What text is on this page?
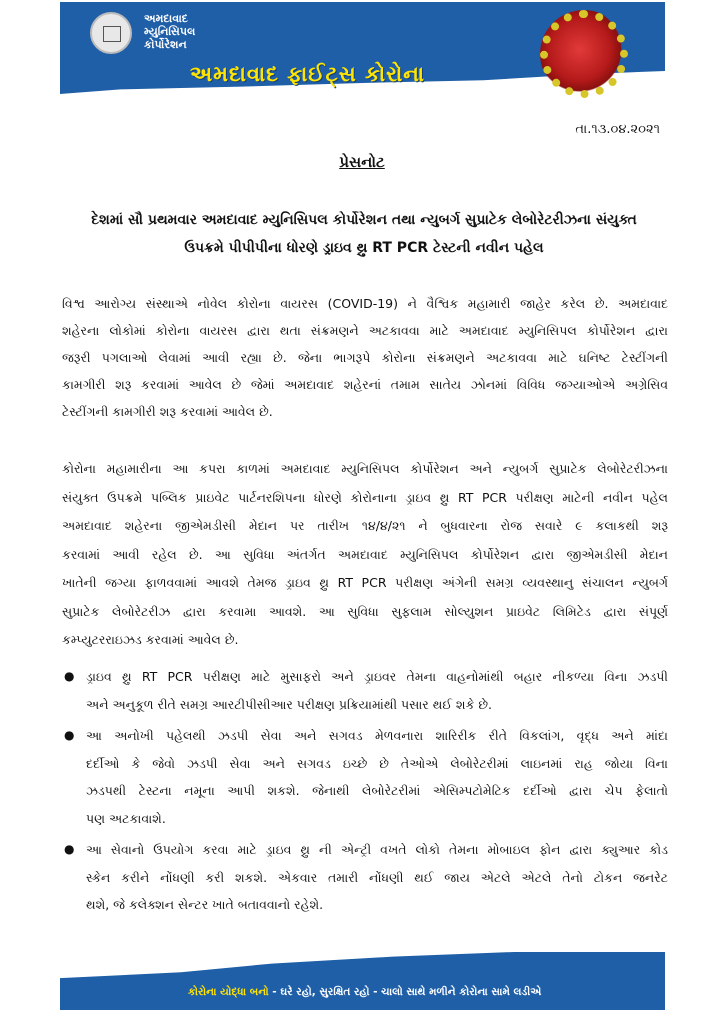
અમદાવાદ
મ્યુનિસિપલ
કોર્પોરેશન
અમદાવાદ ફાઈટ્સ કોરોના
તા.૧૩.૦૪.૨૦૨૧
પ્રેસનોટ
દેશમાં સૌ પ્રથમવાર અમદાવાદ મ્યુનિસિપલ કોર્પોરેશન તથા ન્યુબર્ગ સુપ્રાટેક લેબોરેટરીઝના સંયુક્ત
ઉપક્રમે પીપીપીના ધોરણે ડ્રાઇવ થ્રુ RT PCR ટેસ્ટની નવીન પહેલ
વિશ્વ આરોગ્ય સંસ્થાએ નોવેલ કોરોના વાયરસ (COVID-19) ને વૈશ્વિક મહામારી જાહેર કરેલ છે. અમદાવાદ
શહેરના લોકોમાં કોરોના વાયરસ દ્વારા થતા સંક્રમણને અટકાવવા માટે અમદાવાદ મ્યુનિસિપલ કોર્પોરેશન દ્વારા
જરૂરી પગલાઓ લેવામાં આવી રહ્યા છે. જેના ભાગરૂપે કોરોના સંક્રમણને અટકાવવા માટે ઘનિષ્ટ ટેસ્ટીંગની
કામગીરી શરૂ કરવામાં આવેલ છે જેમાં અમદાવાદ શહેરનાં તમામ સાતેય ઝોનમાં વિવિધ જગ્યાઓએ અગ્રેસિવ
ટેસ્ટીંગની કામગીરી શરૂ કરવામાં આવેલ છે.
કોરોના મહામારીના આ કપરા કાળમાં અમદાવાદ મ્યુનિસિપલ કોર્પોરેશન અને ન્યુબર્ગ સુપ્રાટેક લેબોરેટરીઝના
સંયુક્ત ઉપક્રમે પબ્લિક પ્રાઇવેટ પાર્ટનરશિપના ધોરણે કોરોનાના ડ્રાઇવ થ્રુ RT PCR પરીક્ષણ માટેની નવીન પહેલ
અમદાવાદ શહેરના જીએમડીસી મેદાન પર તારીખ ૧૪/૪/૨૧ ને બુધવારના રોજ સવારે ૯ કલાકથી શરૂ
કરવામાં આવી રહેલ છે. આ સુવિધા અંતર્ગત અમદાવાદ મ્યુનિસિપલ કોર્પોરેશન દ્વારા જીએમડીસી મેદાન
ખાતેની જગ્યા ફાળવવામાં આવશે તેમજ ડ્રાઇવ થ્રુ RT PCR પરીક્ષણ અંગેની સમગ્ર વ્યવસ્થાનુ સંચાલન ન્યુબર્ગ
સુપ્રાટેક લેબોરેટરીઝ દ્વારા કરવામા આવશે. આ સુવિધા સુફલામ સોલ્યુશન પ્રાઇવેટ લિમિટેડ દ્વારા સંપૂર્ણ
કમ્પ્યુટરરાઇઝડ કરવામાં આવેલ છે.
● ડ્રાઇવ થ્રુ RT PCR પરીક્ષણ માટે મુસાફરો અને ડ્રાઇવર તેમના વાહનોમાંથી બહાર નીકળ્યા વિના ઝડપી
અને અનુકૂળ રીતે સમગ્ર આરટીપીસીઆર પરીક્ષણ પ્રક્રિયામાંથી પસાર થઈ શકે છે.
● આ અનોખી પહેલથી ઝડપી સેવા અને સગવડ મેળવનારા શારિરીક રીતે વિકલાંગ, વૃદ્ધ અને માંદા
દર્દીઓ કે જેવો ઝડપી સેવા અને સગવડ ઇચ્છે છે તેઓએ લેબોરેટરીમાં લાઇનમાં રાહ જોયા વિના
ઝડપથી ટેસ્ટના નમૂના આપી શકશે. જેનાથી લેબોરેટરીમાં એસિમ્પટોમેટિક દર્દીઓ દ્વારા ચેપ ફેલાતો
પણ અટકાવાશે.
● આ સેવાનો ઉપયોગ કરવા માટે ડ્રાઇવ થ્રુ ની એન્ટ્રી વખતે લોકો તેમના મોબાઇલ ફોન દ્વારા ક્યુઆર કોડ
સ્કેન કરીને નોંધણી કરી શકશે. એકવાર તમારી નોંધણી થઈ જાય એટલે એટલે તેનો ટોકન જનરેટ
થશે, જે કલેક્શન સેન્ટર ખાતે બતાવવાનો રહેશે.
કોરોના યોદ્ધા બનો - ઘરે રહો, સુરક્ષિત રહો - ચાલો સાથે મળીને કોરોના સામે લડીએ
